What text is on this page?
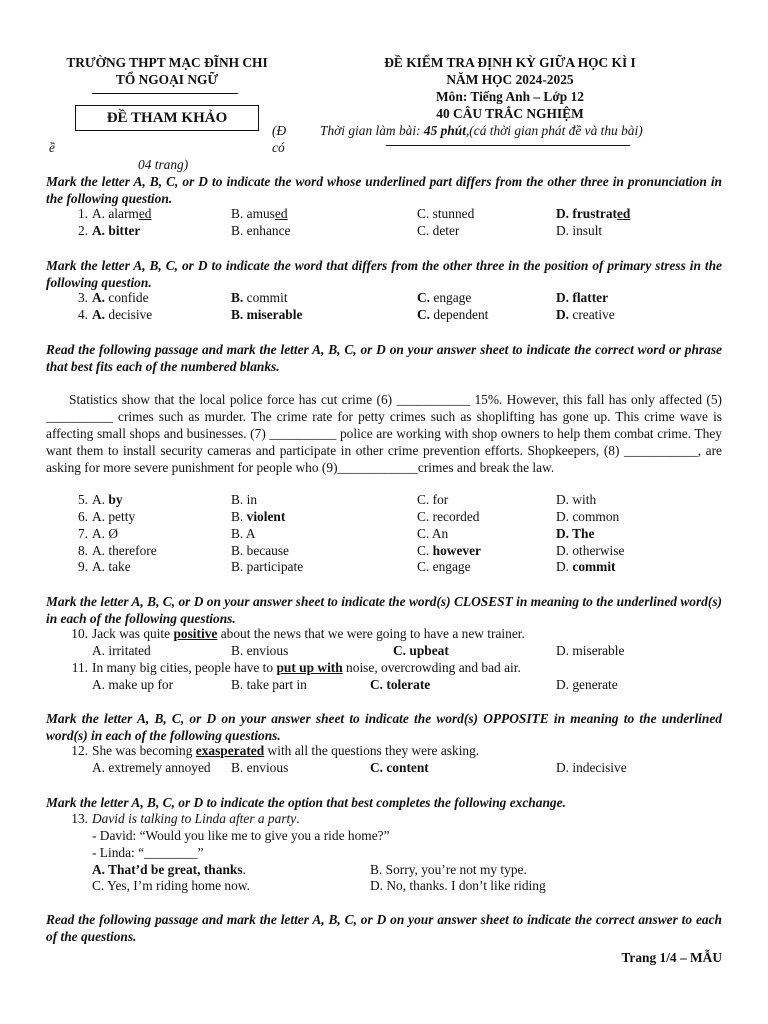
TRƯỜNG THPT MẠC ĐĨNH CHI
TỔ NGOẠI NGỮ
ĐỀ THAM KHẢO
(Đ
ề	có
04 trang)
ĐỀ KIỂM TRA ĐỊNH KỲ GIỮA HỌC KÌ I
NĂM HỌC 2024-2025
Môn: Tiếng Anh – Lớp 12
40 CÂU TRẮC NGHIỆM
Thời gian làm bài: 45 phút,(cá thời gian phát đề và thu bài)
Mark the letter A, B, C, or D to indicate the word whose underlined part differs from the other three in pronunciation in the following question.
1. A. alarmed	B. amused	C. stunned	D. frustrated
2. A. bitter	B. enhance	C. deter	D. insult
Mark the letter A, B, C, or D to indicate the word that differs from the other three in the position of primary stress in the following question.
3. A. confide	B. commit	C. engage	D. flatter
4. A. decisive	B. miserable	C. dependent	D. creative
Read the following passage and mark the letter A, B, C, or D on your answer sheet to indicate the correct word or phrase that best fits each of the numbered blanks.
Statistics show that the local police force has cut crime (6) ___________ 15%. However, this fall has only affected (5) __________ crimes such as murder. The crime rate for petty crimes such as shoplifting has gone up. This crime wave is affecting small shops and businesses. (7) __________ police are working with shop owners to help them combat crime. They want them to install security cameras and participate in other crime prevention efforts. Shopkeepers, (8) ___________, are asking for more severe punishment for people who (9)____________crimes and break the law.
5. A. by	B. in	C. for	D. with
6. A. petty	B. violent	C. recorded	D. common
7. A. Ø	B. A	C. An	D. The
8. A. therefore	B. because	C. however	D. otherwise
9. A. take	B. participate	C. engage	D. commit
Mark the letter A, B, C, or D on your answer sheet to indicate the word(s) CLOSEST in meaning to the underlined word(s) in each of the following questions.
10. Jack was quite positive about the news that we were going to have a new trainer.
A. irritated	B. envious	C. upbeat	D. miserable
11. In many big cities, people have to put up with noise, overcrowding and bad air.
A. make up for	B. take part in	C. tolerate	D. generate
Mark the letter A, B, C, or D on your answer sheet to indicate the word(s) OPPOSITE in meaning to the underlined word(s) in each of the following questions.
12. She was becoming exasperated with all the questions they were asking.
A. extremely annoyed B. envious	C. content	D. indecisive
Mark the letter A, B, C, or D to indicate the option that best completes the following exchange.
13. David is talking to Linda after a party.
- David: “Would you like me to give you a ride home?”
- Linda: “________”
A. That’d be great, thanks.	B. Sorry, you’re not my type.
C. Yes, I’m riding home now.	D. No, thanks. I don’t like riding
Read the following passage and mark the letter A, B, C, or D on your answer sheet to indicate the correct answer to each of the questions.
Trang 1/4 – MẪU
